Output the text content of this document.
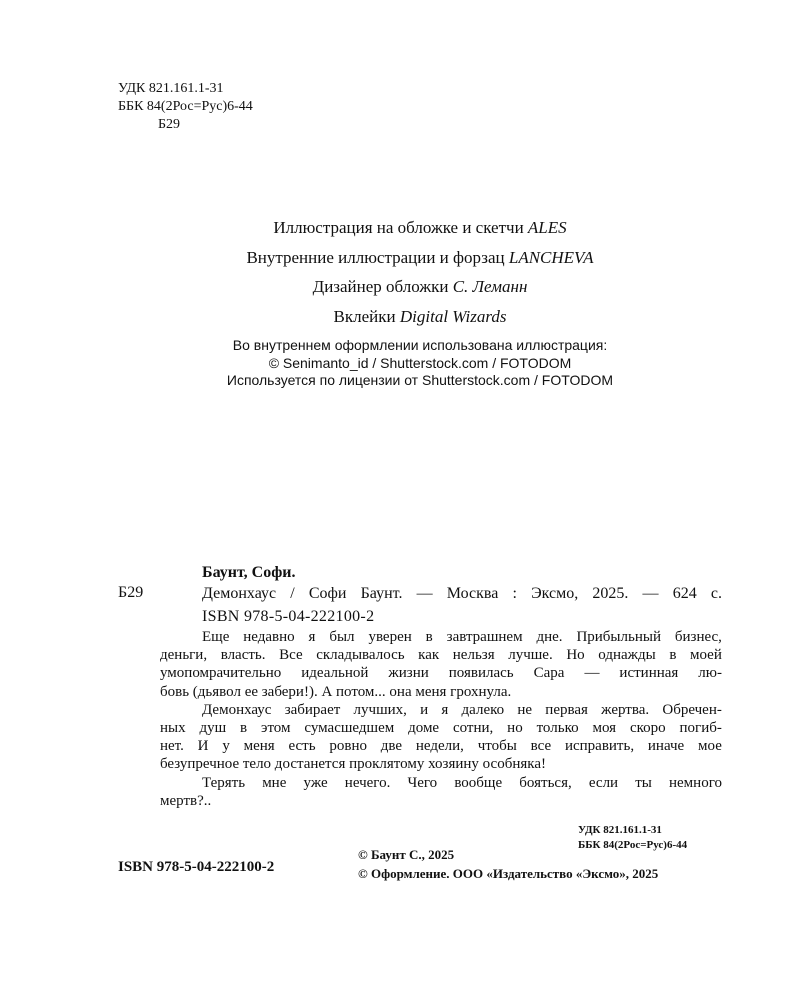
УДК 821.161.1-31
ББК 84(2Рос=Рус)6-44
Б29
Иллюстрация на обложке и скетчи ALES
Внутренние иллюстрации и форзац LANCHEVA
Дизайнер обложки С. Леманн
Вклейки Digital Wizards
Во внутреннем оформлении использована иллюстрация:
© Senimanto_id / Shutterstock.com / FOTODOM
Используется по лицензии от Shutterstock.com / FOTODOM
Баунт, Софи.
Б29	Демонхаус / Софи Баунт. — Москва : Эксмо, 2025. — 624 с.
ISBN 978-5-04-222100-2
Еще недавно я был уверен в завтрашнем дне. Прибыльный бизнес,
деньги, власть. Все складывалось как нельзя лучше. Но однажды в моей
умопомрачительно идеальной жизни появилась Сара — истинная лю-
бовь (дьявол ее забери!). А потом... она меня грохнула.
Демонхаус забирает лучших, и я далеко не первая жертва. Обречен-
ных душ в этом сумасшедшем доме сотни, но только моя скоро погиб-
нет. И у меня есть ровно две недели, чтобы все исправить, иначе мое
безупречное тело достанется проклятому хозяину особняка!
Терять мне уже нечего. Чего вообще бояться, если ты немного
мертв?..
УДК 821.161.1-31
ББК 84(2Рос=Рус)6-44
ISBN 978-5-04-222100-2
© Баунт С., 2025
© Оформление. ООО «Издательство «Эксмо», 2025
